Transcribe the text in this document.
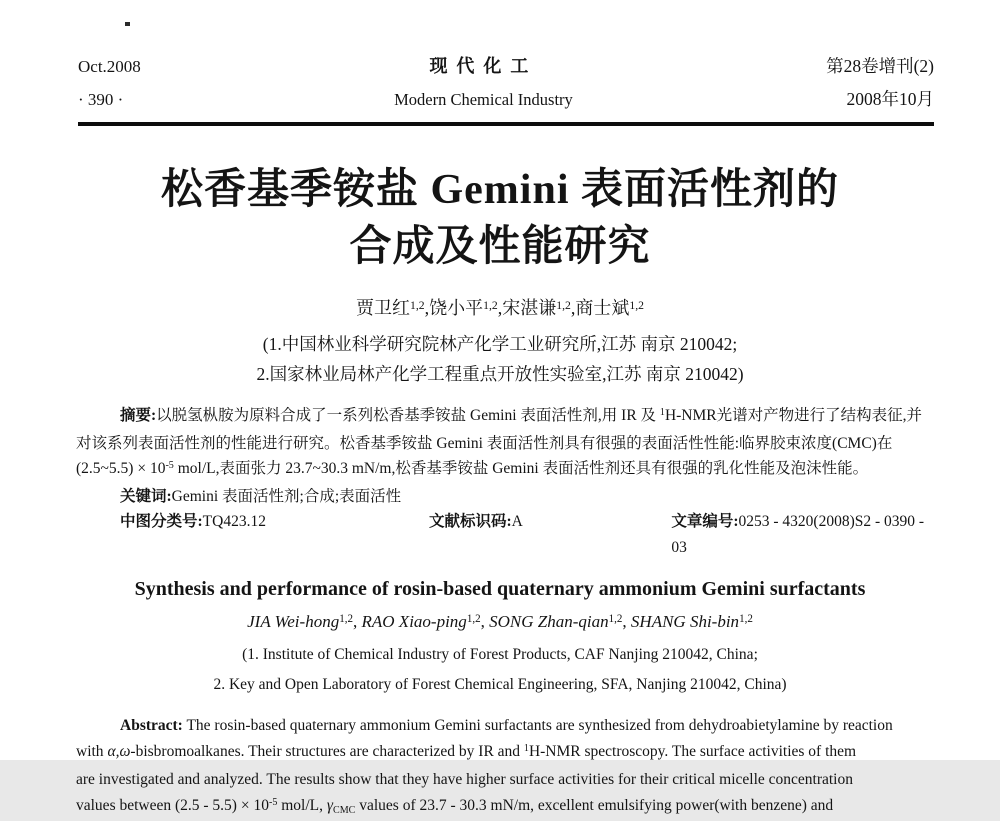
Oct.2008
· 390 ·
现代化工
Modern Chemical Industry
第28卷增刊(2)
2008年10月
松香基季铵盐 Gemini 表面活性剂的
合成及性能研究
贾卫红$^{1,2}$,饶小平$^{1,2}$,宋湛谦$^{1,2}$,商士斌$^{1,2}$
(1.中国林业科学研究院林产化学工业研究所,江苏 南京 210042;
2.国家林业局林产化学工程重点开放性实验室,江苏 南京 210042)
摘要:以脱氢枞胺为原料合成了一系列松香基季铵盐 Gemini 表面活性剂,用 IR 及 $^1$H-NMR光谱对产物进行了结构表征,并
对该系列表面活性剂的性能进行研究。松香基季铵盐 Gemini 表面活性剂具有很强的表面活性性能:临界胶束浓度(CMC)在
(2.5~5.5) × $10^{-5}$ mol/L,表面张力 23.7~30.3 mN/m,松香基季铵盐 Gemini 表面活性剂还具有很强的乳化性能及泡沫性能。
关键词:Gemini 表面活性剂;合成;表面活性
中图分类号:TQ423.12	文献标识码:A	文章编号:0253 - 4320(2008)S2 - 0390 - 03
Synthesis and performance of rosin-based quaternary ammonium Gemini surfactants
JIA Wei-hong$^{1,2}$, RAO Xiao-ping$^{1,2}$, SONG Zhan-qian$^{1,2}$, SHANG Shi-bin$^{1,2}$
(1. Institute of Chemical Industry of Forest Products, CAF Nanjing 210042, China;
2. Key and Open Laboratory of Forest Chemical Engineering, SFA, Nanjing 210042, China)
Abstract: The rosin-based quaternary ammonium Gemini surfactants are synthesized from dehydroabietylamine by reaction
with α,ω-bisbromoalkanes. Their structures are characterized by IR and $^1$H-NMR spectroscopy. The surface activities of them
are investigated and analyzed. The results show that they have higher surface activities for their critical micelle concentration
values between $(2.5 - 5.5) \times 10^{-5}$ mol/L, $\gamma_{CMC}$ values of 23.7 - 30.3 mN/m, excellent emulsifying power(with benzene) and
